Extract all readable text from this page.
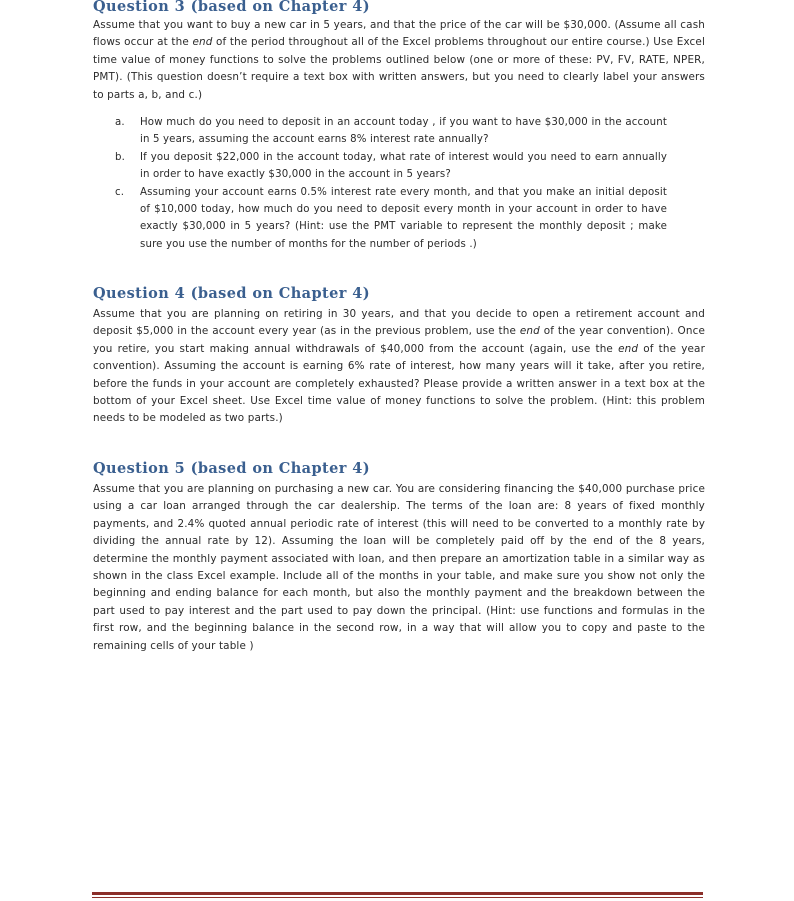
Question 3 (based on Chapter 4)

Assume that you want to buy a new car in 5 years, and that the price of the car will be $30,000. (Assume all cash flows occur at the end of the period throughout all of the Excel problems throughout our entire course.) Use Excel time value of money functions to solve the problems outlined below (one or more of these: PV, FV, RATE, NPER, PMT). (This question doesn’t require a text box with written answers, but you need to clearly label your answers to parts a, b, and c.)

a. How much do you need to deposit in an account today , if you want to have $30,000 in the account in 5 years, assuming the account earns 8% interest rate annually?
b. If you deposit $22,000 in the account today, what rate of interest would you need to earn annually in order to have exactly $30,000 in the account in 5 years?
c. Assuming your account earns 0.5% interest rate every month, and that you make an initial deposit of $10,000 today, how much do you need to deposit every month in your account in order to have exactly $30,000 in 5 years? (Hint: use the PMT variable to represent the monthly deposit ; make sure you use the number of months for the number of periods .)
Question 4 (based on Chapter 4)

Assume that you are planning on retiring in 30 years, and that you decide to open a retirement account and deposit $5,000 in the account every year (as in the previous problem, use the end of the year convention). Once you retire, you start making annual withdrawals of $40,000 from the account (again, use the end of the year convention). Assuming the account is earning 6% rate of interest, how many years will it take, after you retire, before the funds in your account are completely exhausted? Please provide a written answer in a text box at the bottom of your Excel sheet. Use Excel time value of money functions to solve the problem. (Hint: this problem needs to be modeled as two parts.)

Question 5 (based on Chapter 4)

Assume that you are planning on purchasing a new car. You are considering financing the $40,000 purchase price using a car loan arranged through the car dealership. The terms of the loan are: 8 years of fixed monthly payments, and 2.4% quoted annual periodic rate of interest (this will need to be converted to a monthly rate by dividing the annual rate by 12). Assuming the loan will be completely paid off by the end of the 8 years, determine the monthly payment associated with loan, and then prepare an amortization table in a similar way as shown in the class Excel example. Include all of the months in your table, and make sure you show not only the beginning and ending balance for each month, but also the monthly payment and the breakdown between the part used to pay interest and the part used to pay down the principal. (Hint: use functions and formulas in the first row, and the beginning balance in the second row, in a way that will allow you to copy and paste to the remaining cells of your table )
